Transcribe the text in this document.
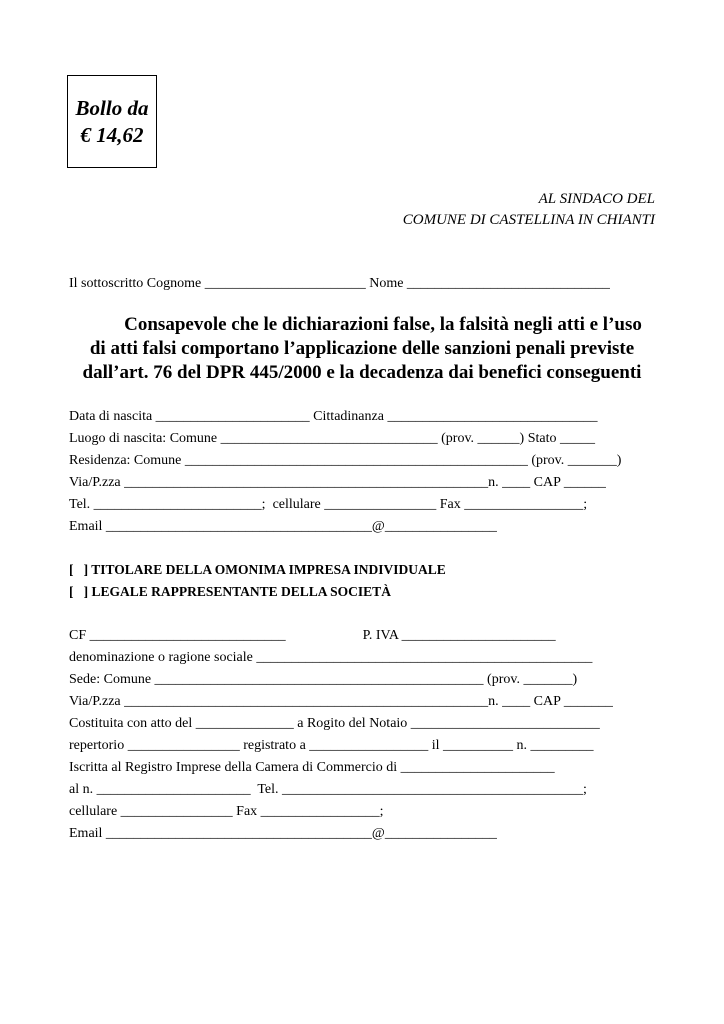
Bollo da
€ 14,62
AL SINDACO DEL
COMUNE DI CASTELLINA IN CHIANTI
Il sottoscritto Cognome _______________________ Nome _____________________________
Consapevole che le dichiarazioni false, la falsità negli atti e l’uso
di atti falsi comportano l’applicazione delle sanzioni penali previste
dall’art. 76 del DPR 445/2000 e la decadenza dai benefici conseguenti
Data di nascita ______________________ Cittadinanza ______________________________
Luogo di nascita: Comune _______________________________ (prov. ______) Stato _____
Residenza: Comune _________________________________________________ (prov. _______)
Via/P.zza ____________________________________________________n. ____ CAP ______
Tel. ________________________;  cellulare ________________ Fax _________________;
Email ______________________________________@________________
[   ] TITOLARE DELLA OMONIMA IMPRESA INDIVIDUALE
[   ] LEGALE RAPPRESENTANTE DELLA SOCIETÀ
CF ____________________________                      P. IVA ______________________
denominazione o ragione sociale ________________________________________________
Sede: Comune _______________________________________________ (prov. _______)
Via/P.zza ____________________________________________________n. ____ CAP _______
Costituita con atto del ______________ a Rogito del Notaio ___________________________
repertorio ________________ registrato a _________________ il __________ n. _________
Iscritta al Registro Imprese della Camera di Commercio di ______________________
al n. ______________________  Tel. ___________________________________________;
cellulare ________________ Fax _________________;
Email ______________________________________@________________
